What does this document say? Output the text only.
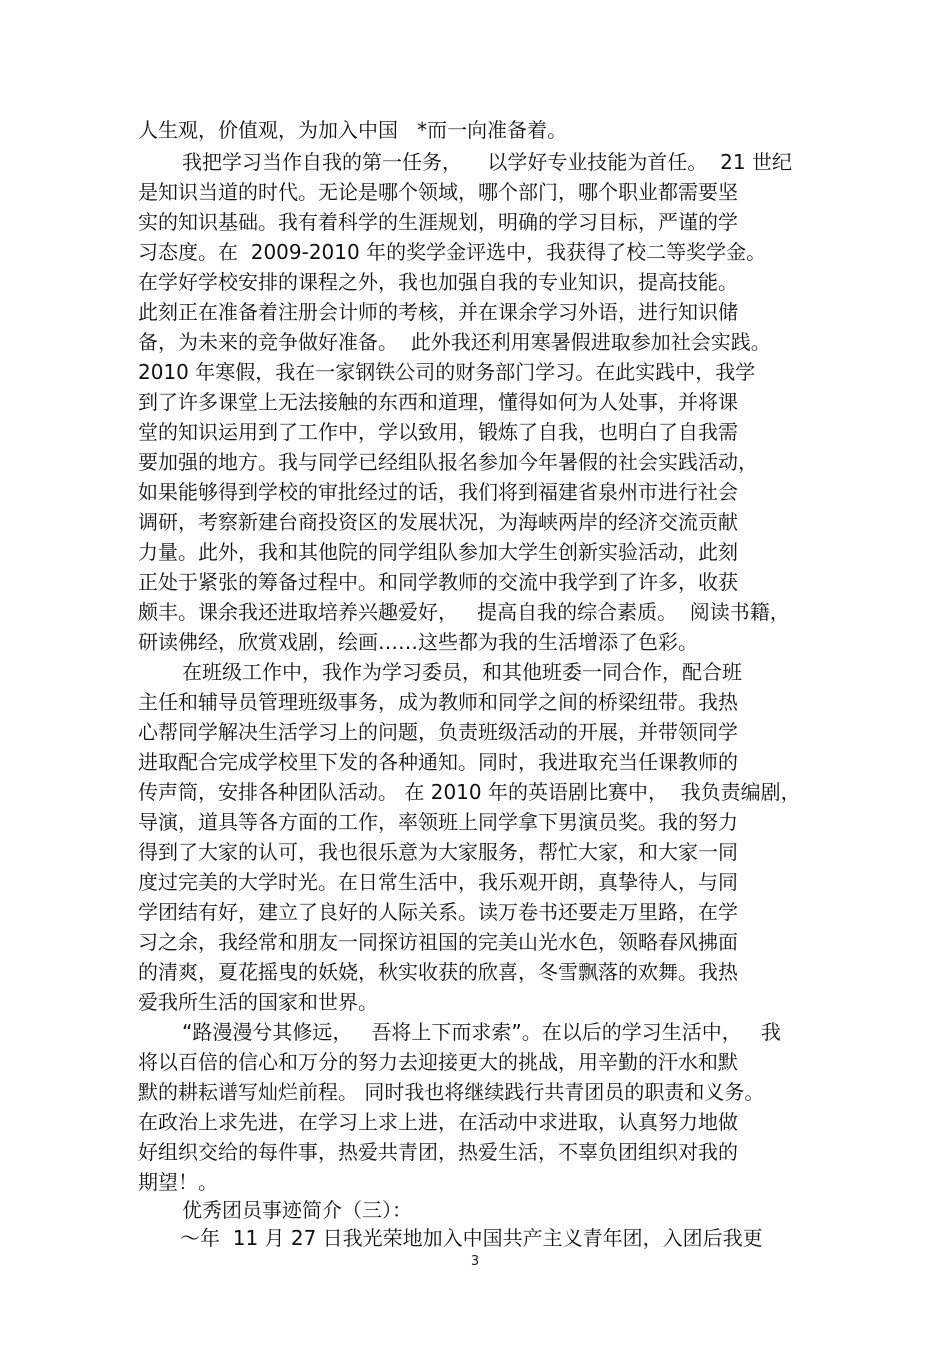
人生观，价值观，为加入中国   *而一向准备着。
我把学习当作自我的第一任务，    以学好专业技能为首任。  21 世纪
是知识当道的时代。无论是哪个领域，哪个部门，哪个职业都需要坚
实的知识基础。我有着科学的生涯规划，明确的学习目标，严谨的学
习态度。在  2009-2010 年的奖学金评选中，我获得了校二等奖学金。
在学好学校安排的课程之外，我也加强自我的专业知识，提高技能。
此刻正在准备着注册会计师的考核，并在课余学习外语，进行知识储
备，为未来的竞争做好准备。  此外我还利用寒暑假进取参加社会实践。
2010 年寒假，我在一家钢铁公司的财务部门学习。在此实践中，我学
到了许多课堂上无法接触的东西和道理，懂得如何为人处事，并将课
堂的知识运用到了工作中，学以致用，锻炼了自我，也明白了自我需
要加强的地方。我与同学已经组队报名参加今年暑假的社会实践活动，
如果能够得到学校的审批经过的话，我们将到福建省泉州市进行社会
调研，考察新建台商投资区的发展状况，为海峡两岸的经济交流贡献
力量。此外，我和其他院的同学组队参加大学生创新实验活动，此刻
正处于紧张的筹备过程中。和同学教师的交流中我学到了许多，收获
颇丰。课余我还进取培养兴趣爱好，   提高自我的综合素质。  阅读书籍，
研读佛经，欣赏戏剧，绘画……这些都为我的生活增添了色彩。
在班级工作中，我作为学习委员，和其他班委一同合作，配合班
主任和辅导员管理班级事务，成为教师和同学之间的桥梁纽带。我热
心帮同学解决生活学习上的问题，负责班级活动的开展，并带领同学
进取配合完成学校里下发的各种通知。同时，我进取充当任课教师的
传声筒，安排各种团队活动。 在 2010 年的英语剧比赛中，  我负责编剧，
导演，道具等各方面的工作，率领班上同学拿下男演员奖。我的努力
得到了大家的认可，我也很乐意为大家服务，帮忙大家，和大家一同
度过完美的大学时光。在日常生活中，我乐观开朗，真挚待人，与同
学团结有好，建立了良好的人际关系。读万卷书还要走万里路，在学
习之余，我经常和朋友一同探访祖国的完美山光水色，领略春风拂面
的清爽，夏花摇曳的妖娆，秋实收获的欣喜，冬雪飘落的欢舞。我热
爱我所生活的国家和世界。
“路漫漫兮其修远，   吾将上下而求索”。在以后的学习生活中，   我
将以百倍的信心和万分的努力去迎接更大的挑战，用辛勤的汗水和默
默的耕耘谱写灿烂前程。 同时我也将继续践行共青团员的职责和义务。
在政治上求先进，在学习上求上进，在活动中求进取，认真努力地做
好组织交给的每件事，热爱共青团，热爱生活，不辜负团组织对我的
期望！。
优秀团员事迹简介（三）：
～年  11 月 27 日我光荣地加入中国共产主义青年团，入团后我更
3
